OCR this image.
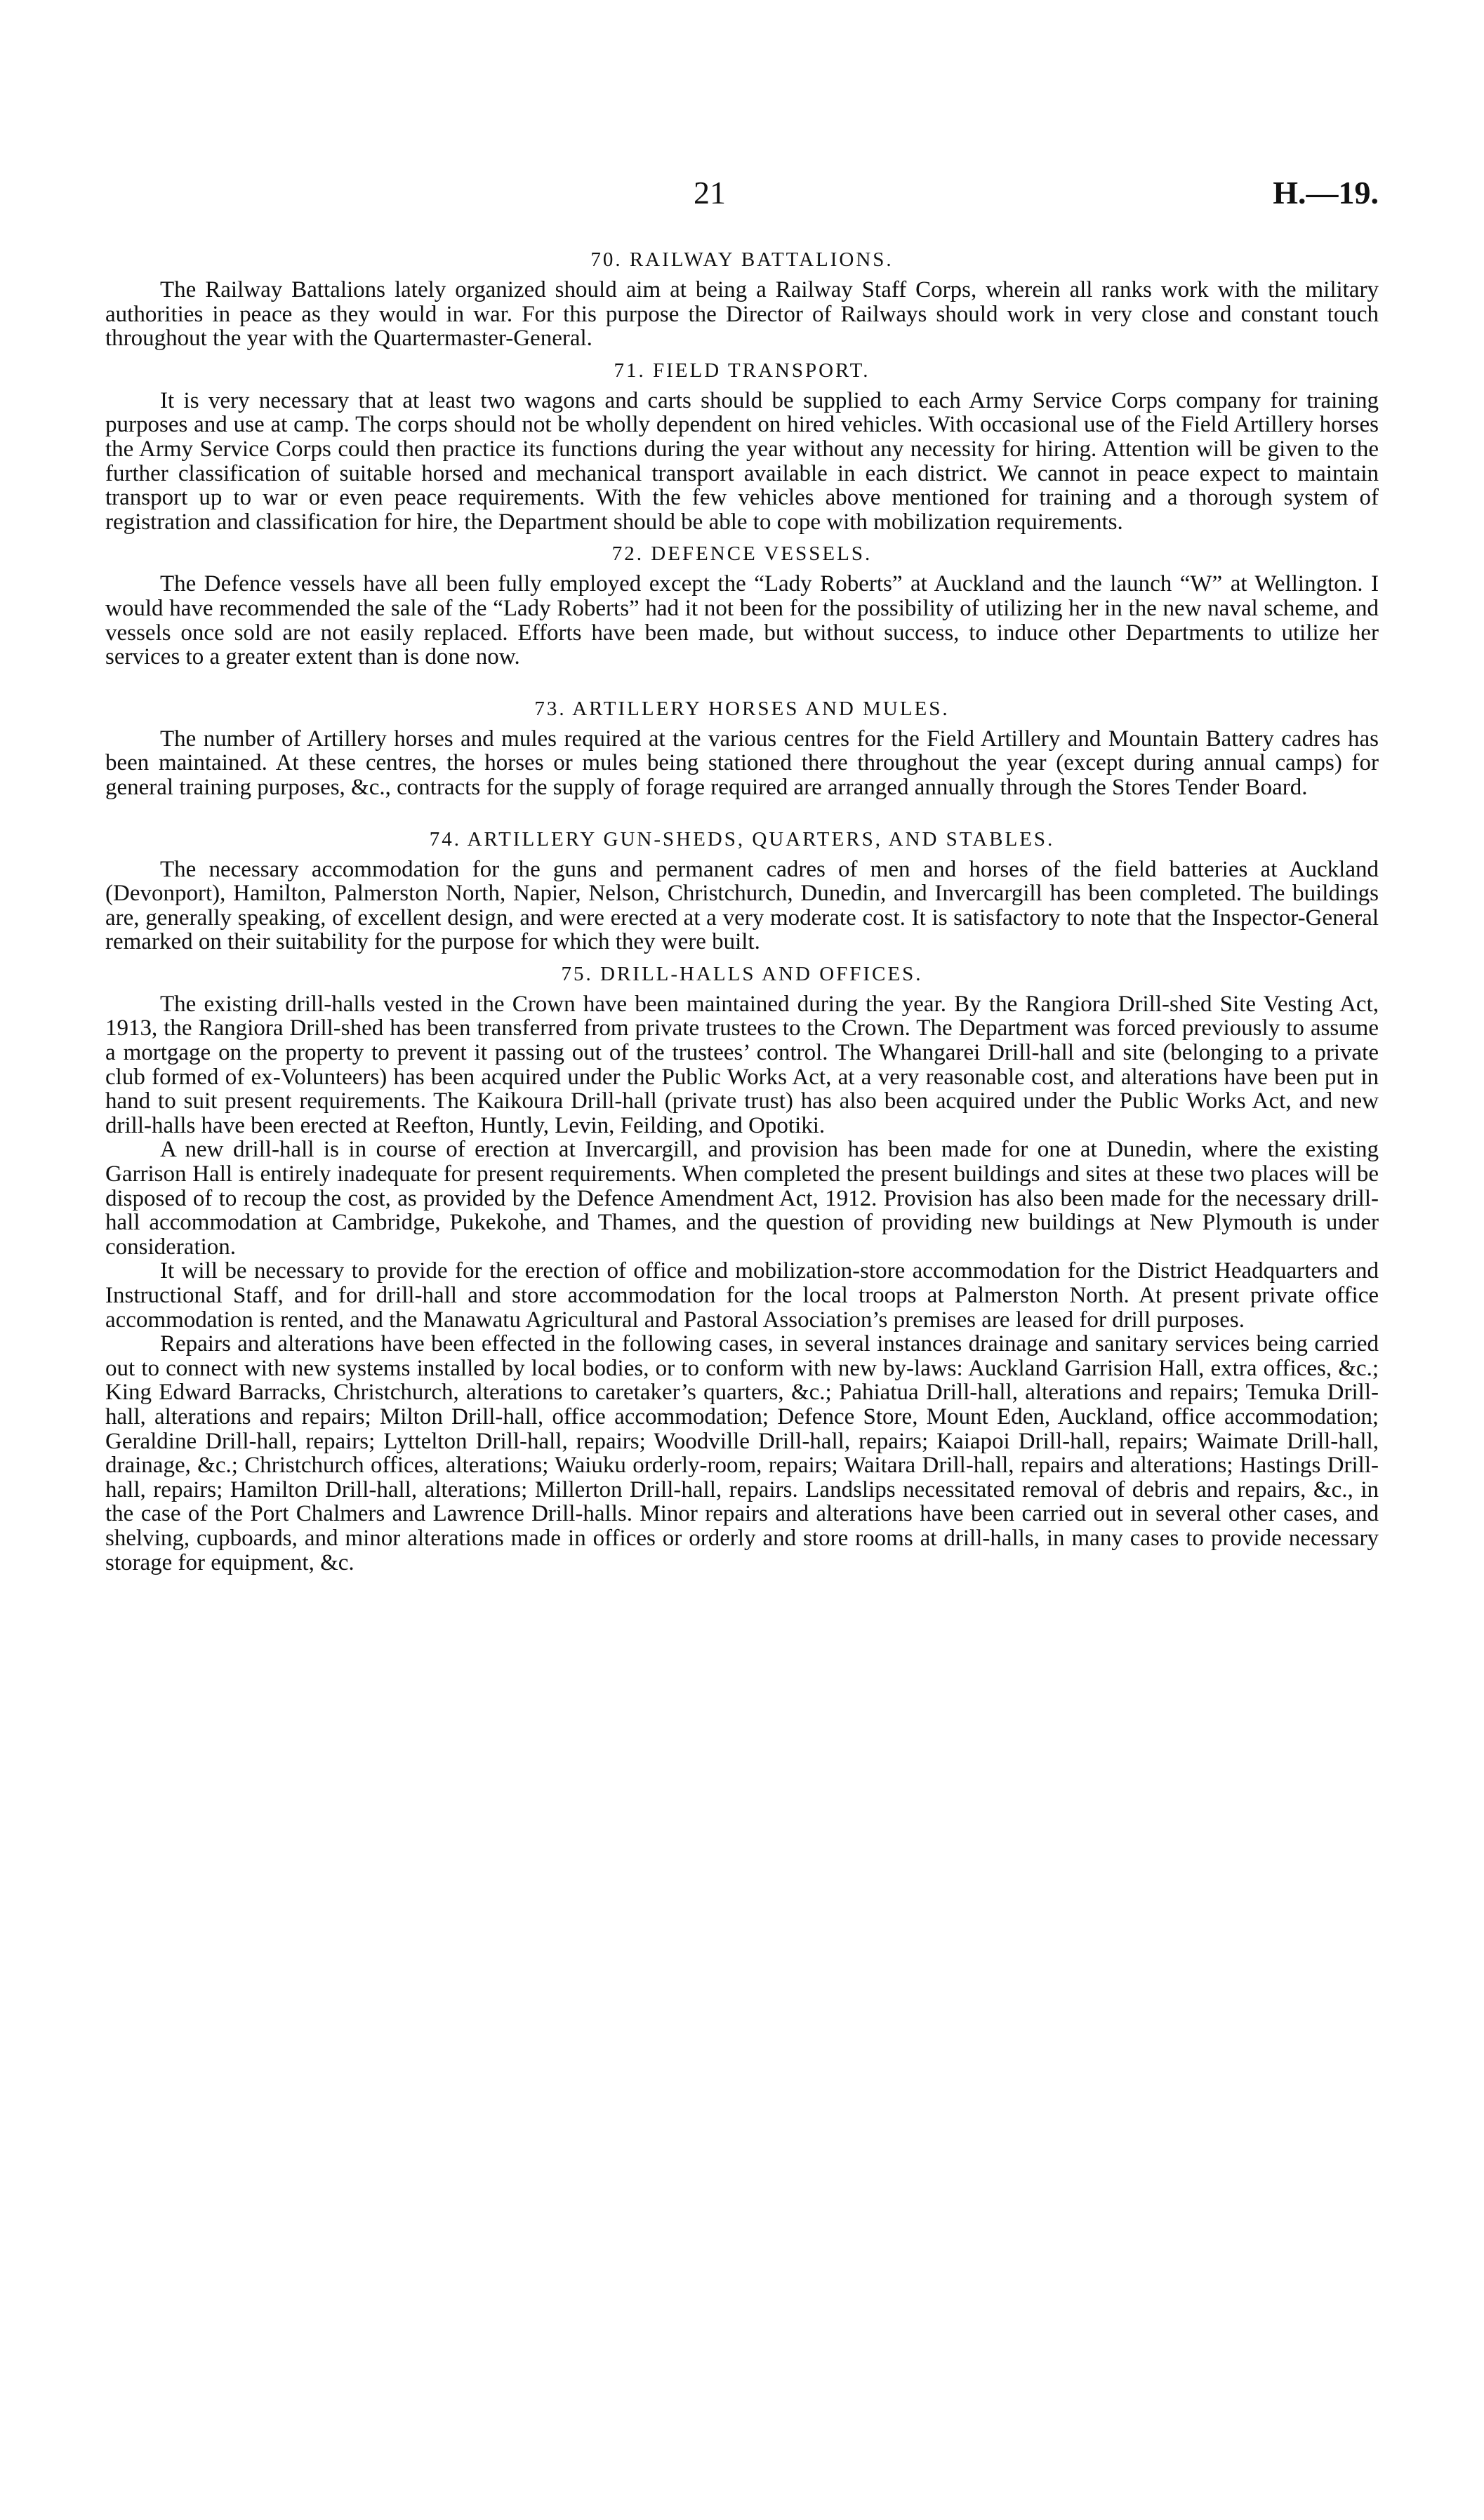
21	H.—19.
70. RAILWAY BATTALIONS.

The Railway Battalions lately organized should aim at being a Railway Staff Corps, wherein all ranks work with the military authorities in peace as they would in war. For this purpose the Director of Railways should work in very close and constant touch throughout the year with the Quartermaster-General.

71. FIELD TRANSPORT.

It is very necessary that at least two wagons and carts should be supplied to each Army Service Corps company for training purposes and use at camp. The corps should not be wholly dependent on hired vehicles. With occasional use of the Field Artillery horses the Army Service Corps could then practice its functions during the year without any necessity for hiring. Attention will be given to the further classification of suitable horsed and mechanical transport available in each district. We cannot in peace expect to maintain transport up to war or even peace requirements. With the few vehicles above mentioned for training and a thorough system of registration and classification for hire, the Department should be able to cope with mobilization requirements.

72. DEFENCE VESSELS.

The Defence vessels have all been fully employed except the “Lady Roberts” at Auckland and the launch “W” at Wellington. I would have recommended the sale of the “Lady Roberts” had it not been for the possibility of utilizing her in the new naval scheme, and vessels once sold are not easily replaced. Efforts have been made, but without success, to induce other Departments to utilize her services to a greater extent than is done now.

73. ARTILLERY HORSES AND MULES.

The number of Artillery horses and mules required at the various centres for the Field Artillery and Mountain Battery cadres has been maintained. At these centres, the horses or mules being stationed there throughout the year (except during annual camps) for general training purposes, &c., contracts for the supply of forage required are arranged annually through the Stores Tender Board.

74. ARTILLERY GUN-SHEDS, QUARTERS, AND STABLES.

The necessary accommodation for the guns and permanent cadres of men and horses of the field batteries at Auckland (Devonport), Hamilton, Palmerston North, Napier, Nelson, Christchurch, Dunedin, and Invercargill has been completed. The buildings are, generally speaking, of excellent design, and were erected at a very moderate cost. It is satisfactory to note that the Inspector-General remarked on their suitability for the purpose for which they were built.

75. DRILL-HALLS AND OFFICES.

The existing drill-halls vested in the Crown have been maintained during the year. By the Rangiora Drill-shed Site Vesting Act, 1913, the Rangiora Drill-shed has been transferred from private trustees to the Crown. The Department was forced previously to assume a mortgage on the property to prevent it passing out of the trustees’ control. The Whangarei Drill-hall and site (belonging to a private club formed of ex-Volunteers) has been acquired under the Public Works Act, at a very reasonable cost, and alterations have been put in hand to suit present requirements. The Kaikoura Drill-hall (private trust) has also been acquired under the Public Works Act, and new drill-halls have been erected at Reefton, Huntly, Levin, Feilding, and Opotiki.

A new drill-hall is in course of erection at Invercargill, and provision has been made for one at Dunedin, where the existing Garrison Hall is entirely inadequate for present requirements. When completed the present buildings and sites at these two places will be disposed of to recoup the cost, as provided by the Defence Amendment Act, 1912. Provision has also been made for the necessary drill-hall accommodation at Cambridge, Pukekohe, and Thames, and the question of providing new buildings at New Plymouth is under consideration.

It will be necessary to provide for the erection of office and mobilization-store accommodation for the District Headquarters and Instructional Staff, and for drill-hall and store accommodation for the local troops at Palmerston North. At present private office accommodation is rented, and the Manawatu Agricultural and Pastoral Association’s premises are leased for drill purposes.

Repairs and alterations have been effected in the following cases, in several instances drainage and sanitary services being carried out to connect with new systems installed by local bodies, or to conform with new by-laws: Auckland Garrision Hall, extra offices, &c.; King Edward Barracks, Christchurch, alterations to caretaker’s quarters, &c.; Pahiatua Drill-hall, alterations and repairs; Temuka Drill-hall, alterations and repairs; Milton Drill-hall, office accommodation; Defence Store, Mount Eden, Auckland, office accommodation; Geraldine Drill-hall, repairs; Lyttelton Drill-hall, repairs; Woodville Drill-hall, repairs; Kaiapoi Drill-hall, repairs; Waimate Drill-hall, drainage, &c.; Christchurch offices, alterations; Waiuku orderly-room, repairs; Waitara Drill-hall, repairs and alterations; Hastings Drill-hall, repairs; Hamilton Drill-hall, alterations; Millerton Drill-hall, repairs. Landslips necessitated removal of debris and repairs, &c., in the case of the Port Chalmers and Lawrence Drill-halls. Minor repairs and alterations have been carried out in several other cases, and shelving, cupboards, and minor alterations made in offices or orderly and store rooms at drill-halls, in many cases to provide necessary storage for equipment, &c.
